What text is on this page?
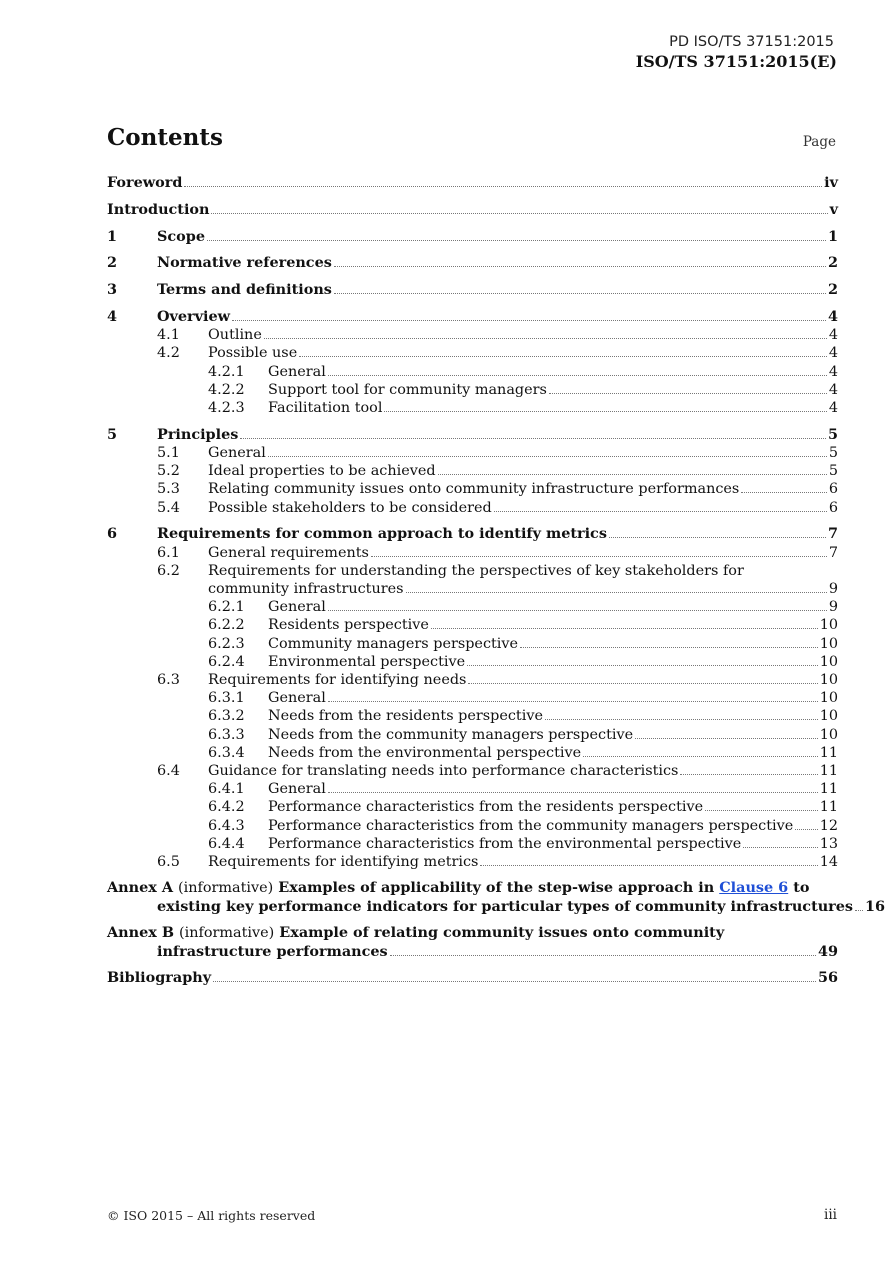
PD ISO/TS 37151:2015
ISO/TS 37151:2015(E)
Contents	Page
Foreword	iv
Introduction	v
1	Scope	1
2	Normative references	2
3	Terms and definitions	2
4	Overview	4
4.1 Outline	4
4.2 Possible use	4
4.2.1 General	4
4.2.2 Support tool for community managers	4
4.2.3 Facilitation tool	4
5	Principles	5
5.1 General	5
5.2 Ideal properties to be achieved	5
5.3 Relating community issues onto community infrastructure performances	6
5.4 Possible stakeholders to be considered	6
6	Requirements for common approach to identify metrics	7
6.1 General requirements	7
6.2	Requirements for understanding the perspectives of key stakeholders for
community infrastructures	9
6.2.1 General	9
6.2.2 Residents perspective	10
6.2.3 Community managers perspective	10
6.2.4 Environmental perspective	10
6.3 Requirements for identifying needs	10
6.3.1 General	10
6.3.2 Needs from the residents perspective	10
6.3.3 Needs from the community managers perspective	10
6.3.4 Needs from the environmental perspective	11
6.4 Guidance for translating needs into performance characteristics	11
6.4.1 General	11
6.4.2 Performance characteristics from the residents perspective	11
6.4.3 Performance characteristics from the community managers perspective 12
6.4.4 Performance characteristics from the environmental perspective	13
6.5 Requirements for identifying metrics	14
Annex A (informative) Examples of applicability of the step-wise approach in Clause 6 to
existing key performance indicators for particular types of community infrastructures 16
Annex B (informative) Example of relating community issues onto community
infrastructure performances	49
Bibliography	56
© ISO 2015 – All rights reserved	iii
